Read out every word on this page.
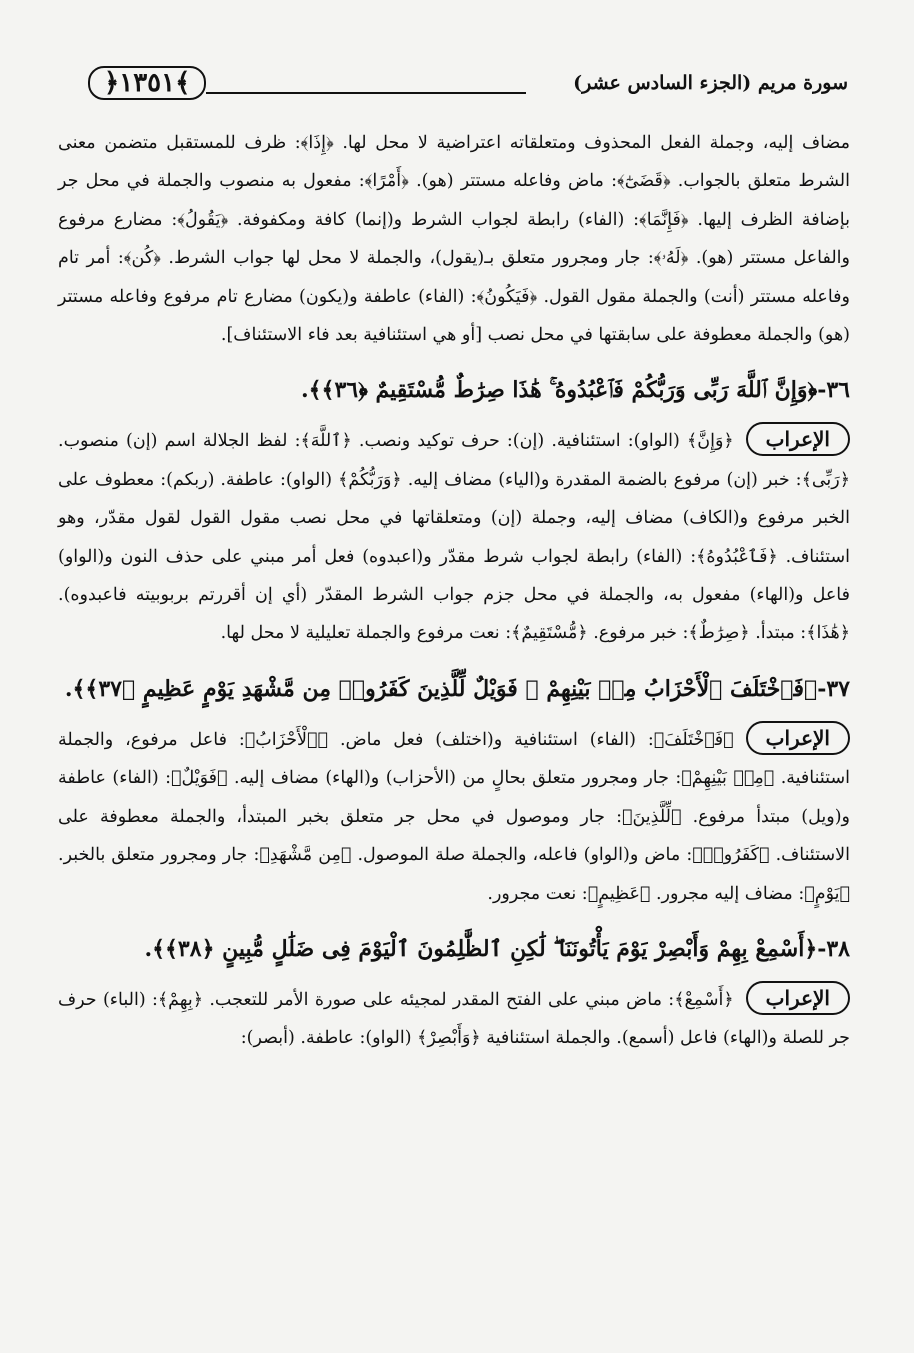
﴿١٣٥١﴾	سورة مريم (الجزء السادس عشر)

مضاف إليه، وجملة الفعل المحذوف ومتعلقاته اعتراضية لا محل لها. ﴿إِذَا﴾: ظرف للمستقبل متضمن معنى الشرط متعلق بالجواب. ﴿قَضَىٰٓ﴾: ماض وفاعله مستتر (هو). ﴿أَمْرًا﴾: مفعول به منصوب والجملة في محل جر بإضافة الظرف إليها. ﴿فَإِنَّمَا﴾: (الفاء) رابطة لجواب الشرط و(إنما) كافة ومكفوفة. ﴿يَقُولُ﴾: مضارع مرفوع والفاعل مستتر (هو). ﴿لَهُۥ﴾: جار ومجرور متعلق بـ(يقول)، والجملة لا محل لها جواب الشرط. ﴿كُن﴾: أمر تام وفاعله مستتر (أنت) والجملة مقول القول. ﴿فَيَكُونُ﴾: (الفاء) عاطفة و(يكون) مضارع تام مرفوع وفاعله مستتر (هو) والجملة معطوفة على سابقتها في محل نصب [أو هي استئنافية بعد فاء الاستئناف].

٣٦-﴿وَإِنَّ ٱللَّهَ رَبِّى وَرَبُّكُمْ فَٱعْبُدُوهُ ۚ هَٰذَا صِرَٰطٌ مُّسْتَقِيمٌ ﴿٣٦﴾﴾.

الإعراب﴿وَإِنَّ﴾ (الواو): استئنافية. (إن): حرف توكيد ونصب. ﴿ٱللَّهَ﴾: لفظ الجلالة اسم (إن) منصوب. ﴿رَبِّى﴾: خبر (إن) مرفوع بالضمة المقدرة و(الياء) مضاف إليه. ﴿وَرَبُّكُمْ﴾ (الواو): عاطفة. (ربكم): معطوف على الخبر مرفوع و(الكاف) مضاف إليه، وجملة (إن) ومتعلقاتها في محل نصب مقول القول لقول مقدّر، وهو استئناف. ﴿فَٱعْبُدُوهُ﴾: (الفاء) رابطة لجواب شرط مقدّر و(اعبدوه) فعل أمر مبني على حذف النون و(الواو) فاعل و(الهاء) مفعول به، والجملة في محل جزم جواب الشرط المقدّر (أي إن أقررتم بربوبيته فاعبدوه). ﴿هَٰذَا﴾: مبتدأ. ﴿صِرَٰطٌ﴾: خبر مرفوع. ﴿مُّسْتَقِيمٌ﴾: نعت مرفوع والجملة تعليلية لا محل لها.

٣٧-﴿فَٱخْتَلَفَ ٱلْأَحْزَابُ مِنۢ بَيْنِهِمْ ۖ فَوَيْلٌ لِّلَّذِينَ كَفَرُوا۟ مِن مَّشْهَدِ يَوْمٍ عَظِيمٍ ﴿٣٧﴾﴾.

الإعراب﴿فَٱخْتَلَفَ﴾: (الفاء) استئنافية و(اختلف) فعل ماض. ﴿ٱلْأَحْزَابُ﴾: فاعل مرفوع، والجملة استئنافية. ﴿مِنۢ بَيْنِهِمْ﴾: جار ومجرور متعلق بحالٍ من (الأحزاب) و(الهاء) مضاف إليه. ﴿فَوَيْلٌ﴾: (الفاء) عاطفة و(ويل) مبتدأ مرفوع. ﴿لِّلَّذِينَ﴾: جار وموصول في محل جر متعلق بخبر المبتدأ، والجملة معطوفة على الاستئناف. ﴿كَفَرُوا۟﴾: ماض و(الواو) فاعله، والجملة صلة الموصول. ﴿مِن مَّشْهَدِ﴾: جار ومجرور متعلق بالخبر. ﴿يَوْمٍ﴾: مضاف إليه مجرور. ﴿عَظِيمٍ﴾: نعت مجرور.

٣٨-﴿أَسْمِعْ بِهِمْ وَأَبْصِرْ يَوْمَ يَأْتُونَنَا ۖ لَٰكِنِ ٱلظَّٰلِمُونَ ٱلْيَوْمَ فِى ضَلَٰلٍ مُّبِينٍ ﴿٣٨﴾﴾.

الإعراب﴿أَسْمِعْ﴾: ماض مبني على الفتح المقدر لمجيئه على صورة الأمر للتعجب. ﴿بِهِمْ﴾: (الباء) حرف جر للصلة و(الهاء) فاعل (أسمع). والجملة استئنافية ﴿وَأَبْصِرْ﴾ (الواو): عاطفة. (أبصر):
